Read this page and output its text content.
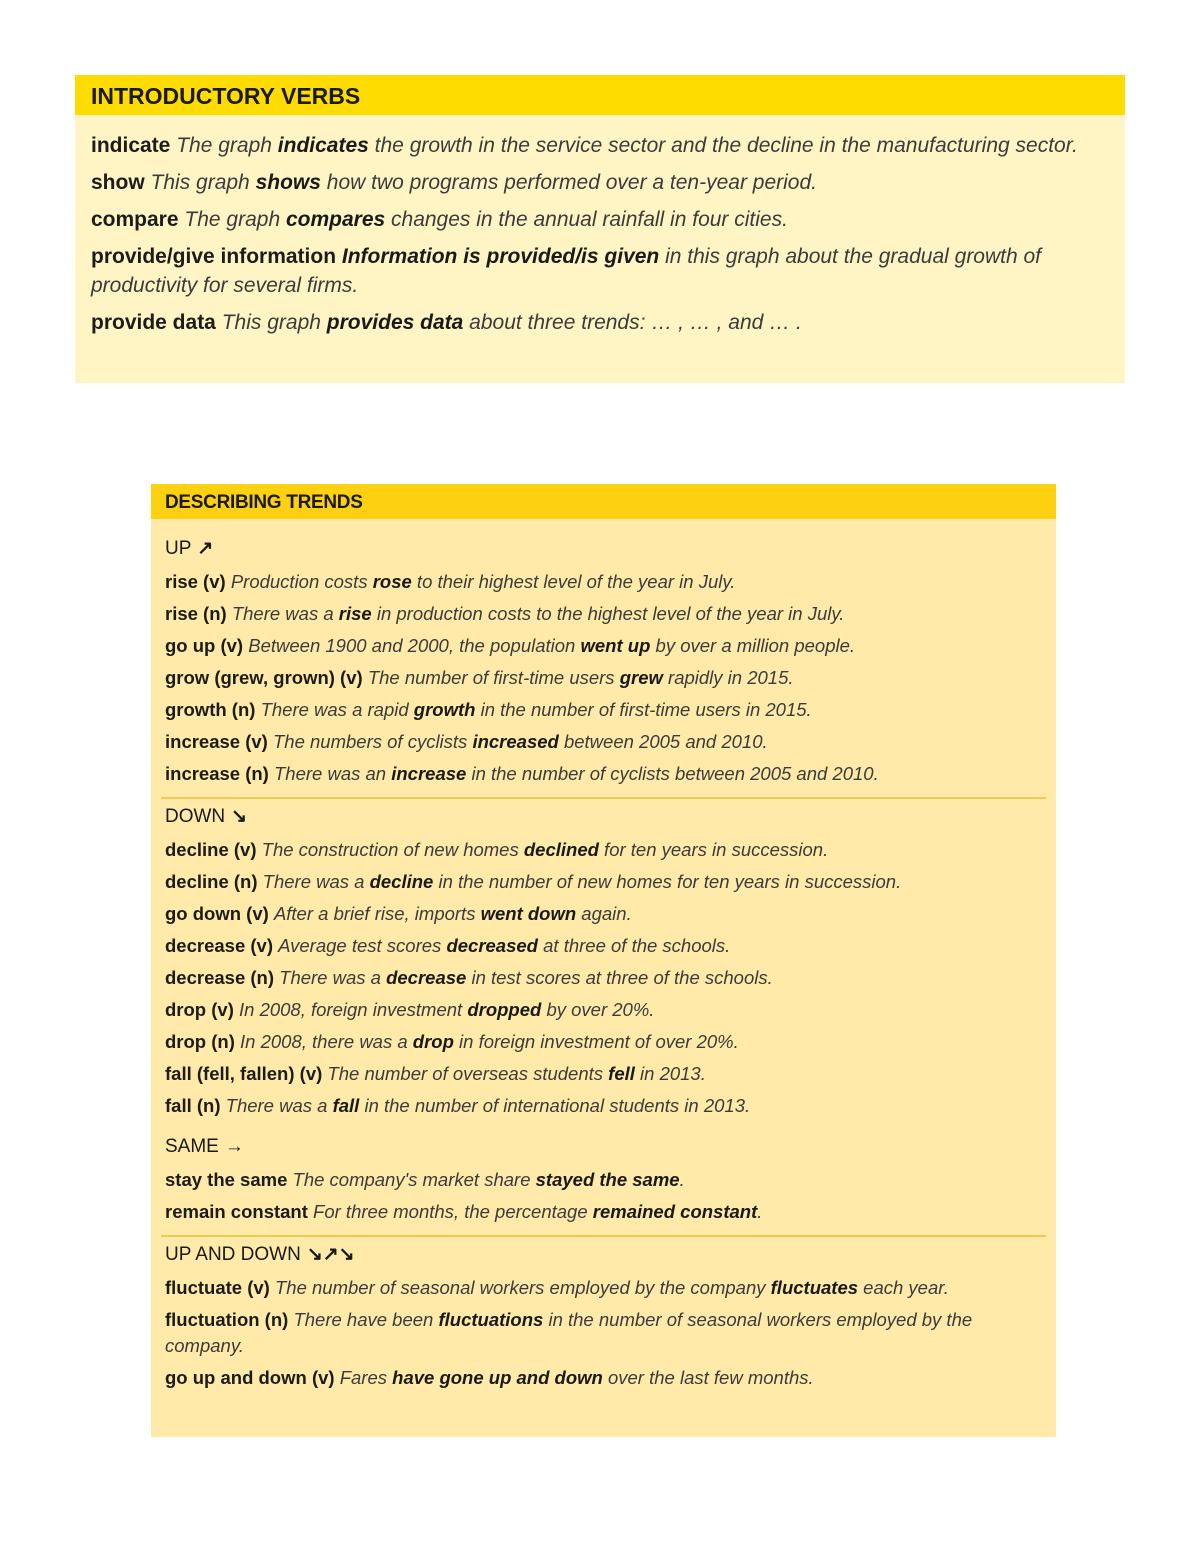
INTRODUCTORY VERBS
indicate The graph indicates the growth in the service sector and the decline in the manufacturing sector.
show This graph shows how two programs performed over a ten-year period.
compare The graph compares changes in the annual rainfall in four cities.
provide/give information Information is provided/is given in this graph about the gradual growth of productivity for several firms.
provide data This graph provides data about three trends: … , … , and … .
DESCRIBING TRENDS
UP ↗
rise (v) Production costs rose to their highest level of the year in July.
rise (n) There was a rise in production costs to the highest level of the year in July.
go up (v) Between 1900 and 2000, the population went up by over a million people.
grow (grew, grown) (v) The number of first-time users grew rapidly in 2015.
growth (n) There was a rapid growth in the number of first-time users in 2015.
increase (v) The numbers of cyclists increased between 2005 and 2010.
increase (n) There was an increase in the number of cyclists between 2005 and 2010.
DOWN ↘
decline (v) The construction of new homes declined for ten years in succession.
decline (n) There was a decline in the number of new homes for ten years in succession.
go down (v) After a brief rise, imports went down again.
decrease (v) Average test scores decreased at three of the schools.
decrease (n) There was a decrease in test scores at three of the schools.
drop (v) In 2008, foreign investment dropped by over 20%.
drop (n) In 2008, there was a drop in foreign investment of over 20%.
fall (fell, fallen) (v) The number of overseas students fell in 2013.
fall (n) There was a fall in the number of international students in 2013.
SAME →
stay the same The company's market share stayed the same.
remain constant For three months, the percentage remained constant.
UP AND DOWN ↘↗↘
fluctuate (v) The number of seasonal workers employed by the company fluctuates each year.
fluctuation (n) There have been fluctuations in the number of seasonal workers employed by the company.
go up and down (v) Fares have gone up and down over the last few months.
